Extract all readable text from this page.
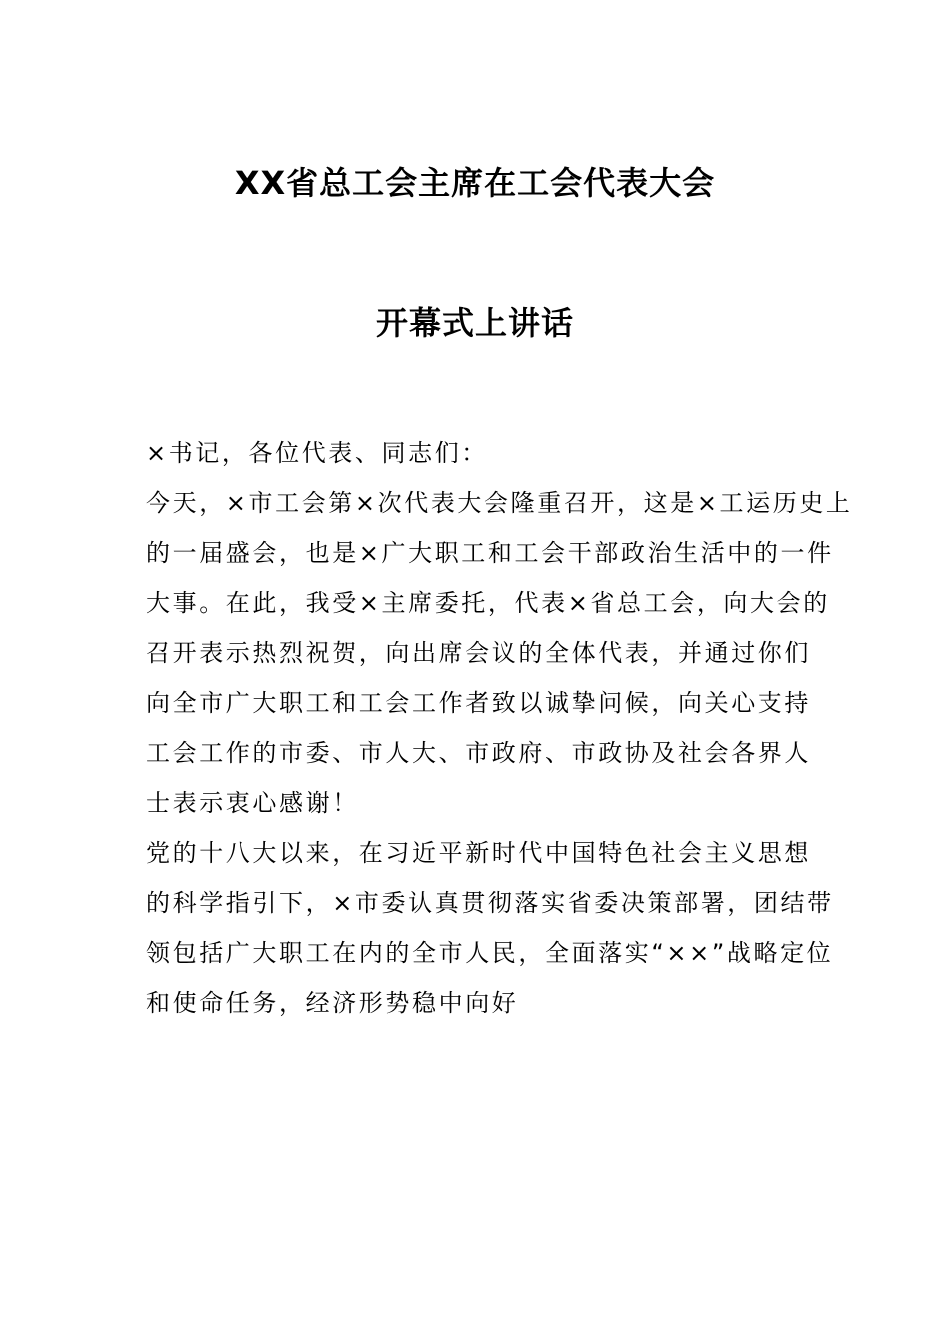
XX省总工会主席在工会代表大会
开幕式上讲话
×书记，各位代表、同志们：
今天，×市工会第×次代表大会隆重召开，这是×工运历史上
的一届盛会，也是×广大职工和工会干部政治生活中的一件
大事。在此，我受×主席委托，代表×省总工会，向大会的
召开表示热烈祝贺，向出席会议的全体代表，并通过你们
向全市广大职工和工会工作者致以诚挚问候，向关心支持
工会工作的市委、市人大、市政府、市政协及社会各界人
士表示衷心感谢！
党的十八大以来，在习近平新时代中国特色社会主义思想
的科学指引下，×市委认真贯彻落实省委决策部署，团结带
领包括广大职工在内的全市人民，全面落实“××”战略定位
和使命任务，经济形势稳中向好
